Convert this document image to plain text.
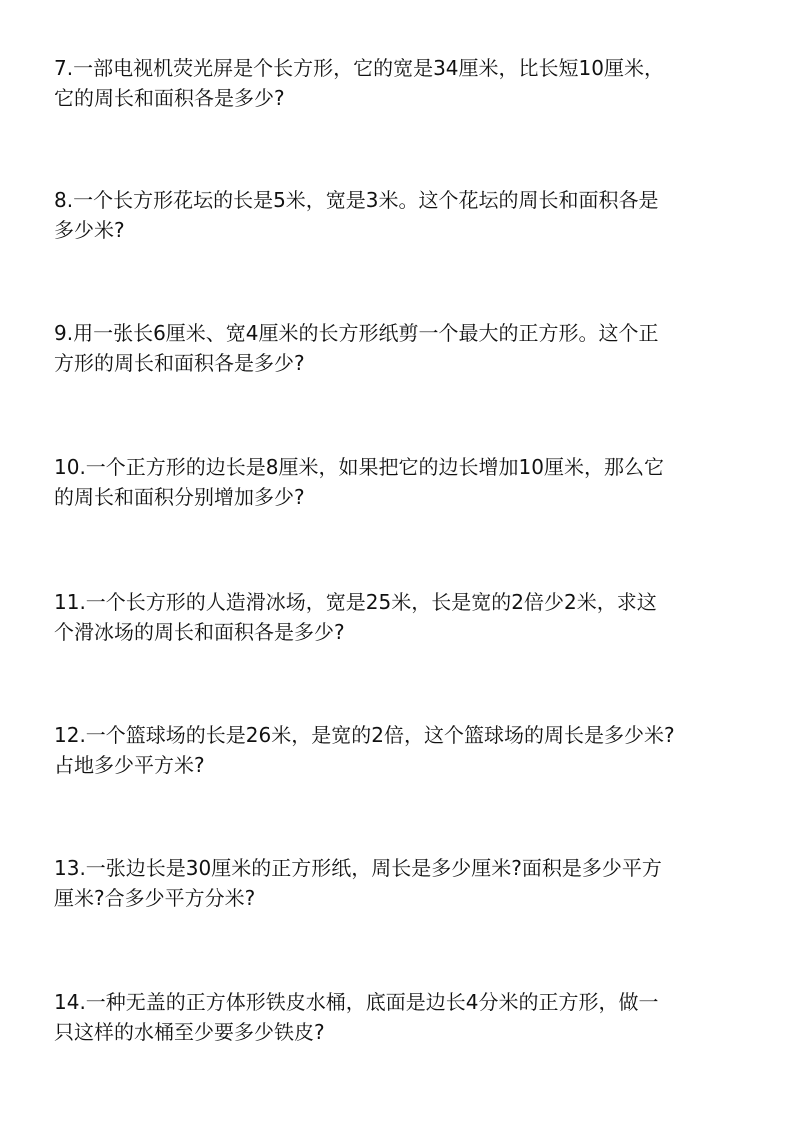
7.一部电视机荧光屏是个长方形，它的宽是34厘米，比长短10厘米，
它的周长和面积各是多少?
8.一个长方形花坛的长是5米，宽是3米。这个花坛的周长和面积各是
多少米?
9.用一张长6厘米、宽4厘米的长方形纸剪一个最大的正方形。这个正
方形的周长和面积各是多少?
10.一个正方形的边长是8厘米，如果把它的边长增加10厘米，那么它
的周长和面积分别增加多少?
11.一个长方形的人造滑冰场，宽是25米，长是宽的2倍少2米，求这
个滑冰场的周长和面积各是多少?
12.一个篮球场的长是26米，是宽的2倍，这个篮球场的周长是多少米?
占地多少平方米?
13.一张边长是30厘米的正方形纸，周长是多少厘米?面积是多少平方
厘米?合多少平方分米?
14.一种无盖的正方体形铁皮水桶，底面是边长4分米的正方形，做一
只这样的水桶至少要多少铁皮?
